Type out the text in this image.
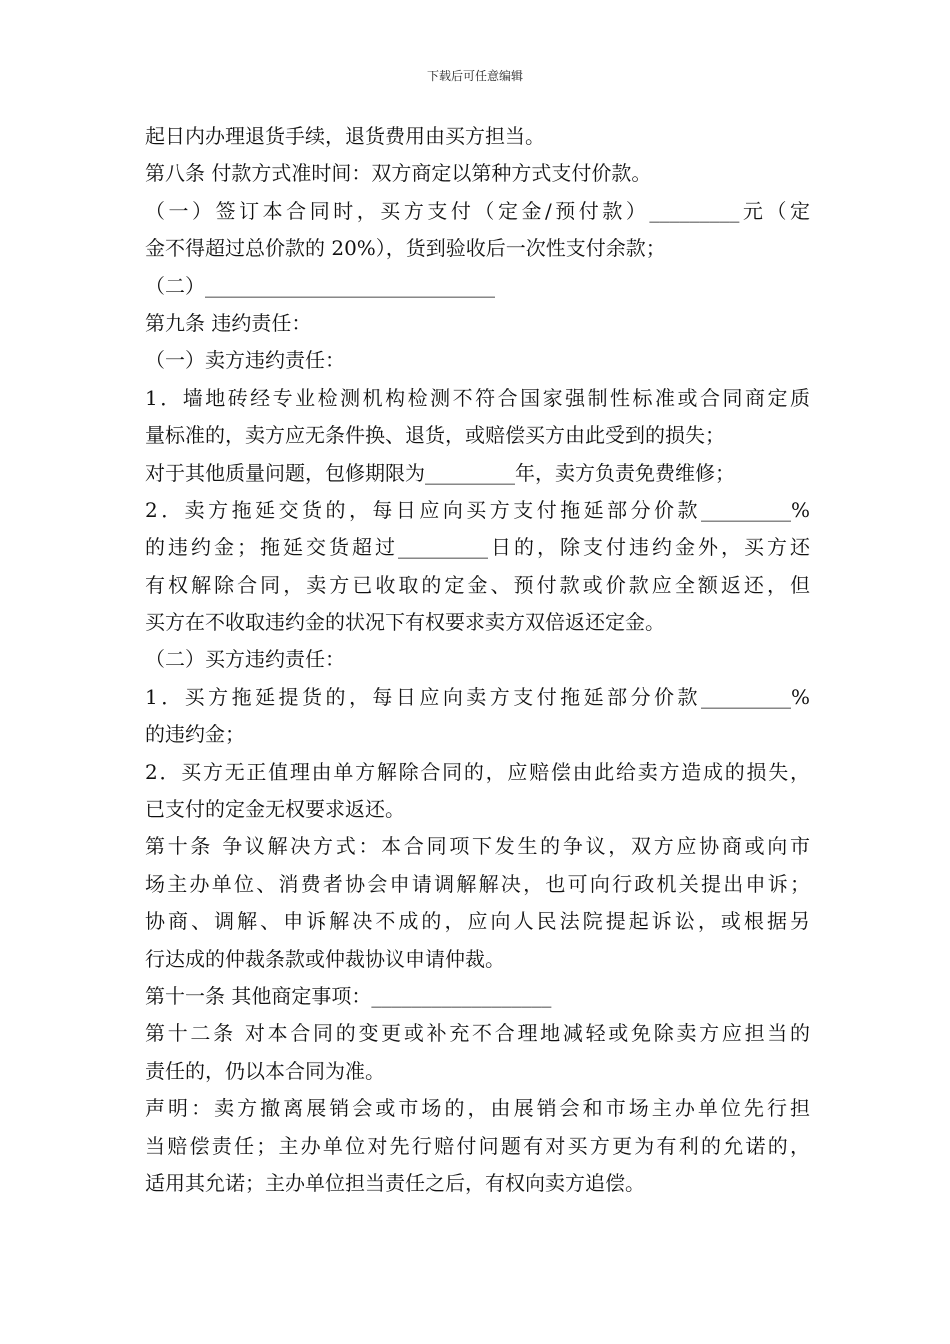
下载后可任意编辑
起日内办理退货手续，退货费用由买方担当。
第八条 付款方式准时间：双方商定以第种方式支付价款。
（一）签订本合同时，买方支付（定金/预付款）_________元（定
金不得超过总价款的 20%），货到验收后一次性支付余款；
（二）_____________________________
第九条 违约责任：
（一）卖方违约责任：
1．墙地砖经专业检测机构检测不符合国家强制性标准或合同商定质
量标准的，卖方应无条件换、退货，或赔偿买方由此受到的损失；
对于其他质量问题，包修期限为_________年，卖方负责免费维修；
2．卖方拖延交货的，每日应向买方支付拖延部分价款_________%
的违约金；拖延交货超过_________日的，除支付违约金外，买方还
有权解除合同，卖方已收取的定金、预付款或价款应全额返还，但
买方在不收取违约金的状况下有权要求卖方双倍返还定金。
（二）买方违约责任：
1．买方拖延提货的，每日应向卖方支付拖延部分价款_________%
的违约金；
2．买方无正值理由单方解除合同的，应赔偿由此给卖方造成的损失，
已支付的定金无权要求返还。
第十条 争议解决方式：本合同项下发生的争议，双方应协商或向市
场主办单位、消费者协会申请调解解决，也可向行政机关提出申诉；
协商、调解、申诉解决不成的，应向人民法院提起诉讼，或根据另
行达成的仲裁条款或仲裁协议申请仲裁。
第十一条 其他商定事项：__________________
第十二条 对本合同的变更或补充不合理地减轻或免除卖方应担当的
责任的，仍以本合同为准。
声明：卖方撤离展销会或市场的，由展销会和市场主办单位先行担
当赔偿责任；主办单位对先行赔付问题有对买方更为有利的允诺的，
适用其允诺；主办单位担当责任之后，有权向卖方追偿。
